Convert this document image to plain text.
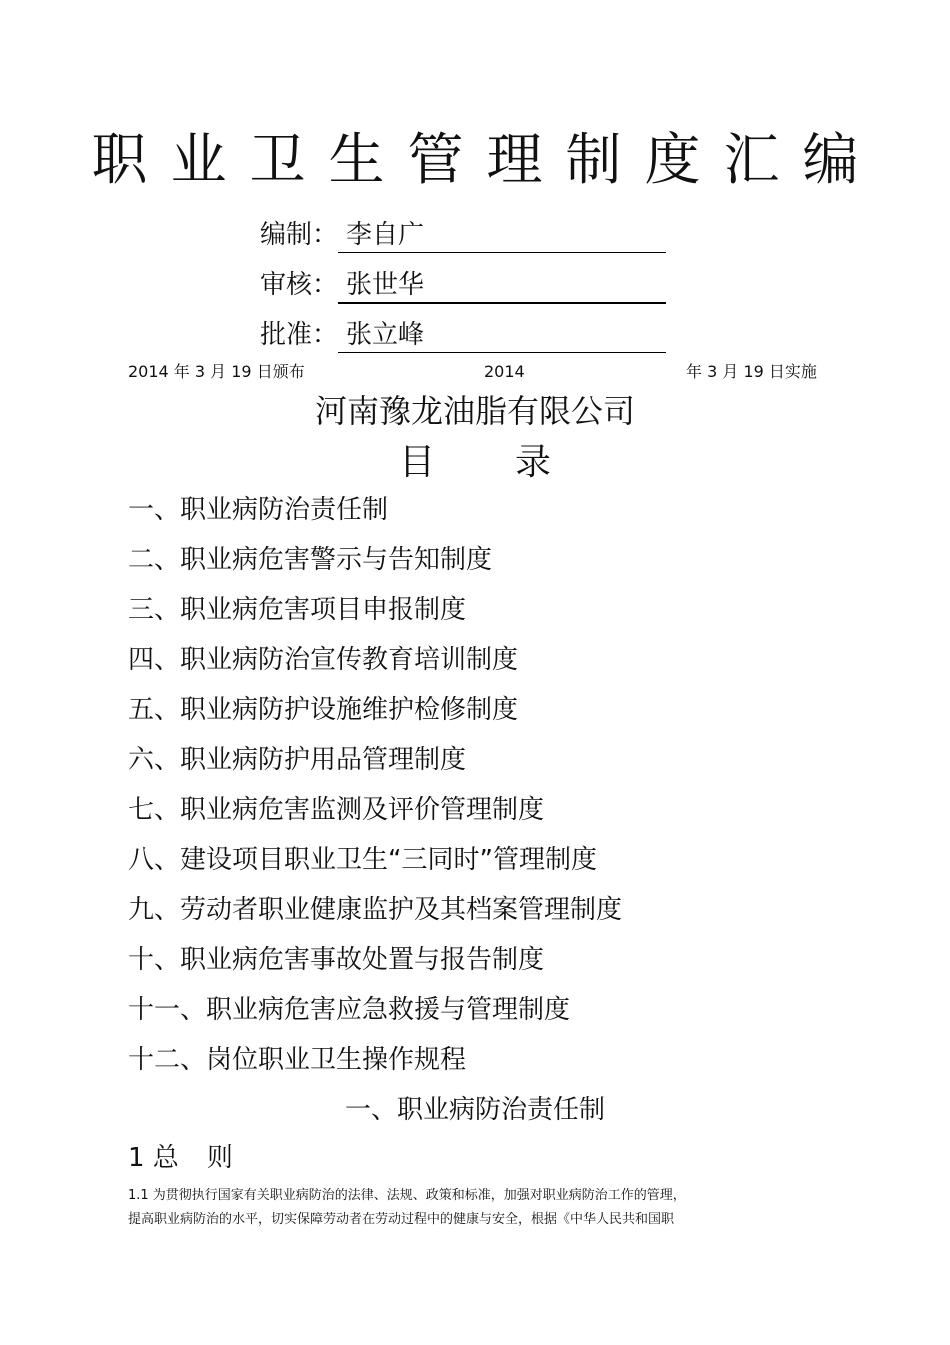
职业卫生管理制度汇编
编制： 李自广
审核： 张世华
批准： 张立峰
2014 年 3 月 19 日颁布	2014	年 3 月 19 日实施
河南豫龙油脂有限公司
目 录
一、职业病防治责任制
二、职业病危害警示与告知制度
三、职业病危害项目申报制度
四、职业病防治宣传教育培训制度
五、职业病防护设施维护检修制度
六、职业病防护用品管理制度
七、职业病危害监测及评价管理制度
八、建设项目职业卫生“三同时”管理制度
九、劳动者职业健康监护及其档案管理制度
十、职业病危害事故处置与报告制度
十一、职业病危害应急救援与管理制度
十二、岗位职业卫生操作规程
一、职业病防治责任制
1 总 则
1.1 为贯彻执行国家有关职业病防治的法律、法规、政策和标准，加强对职业病防治工作的管理，
提高职业病防治的水平，切实保障劳动者在劳动过程中的健康与安全，根据《中华人民共和国职
